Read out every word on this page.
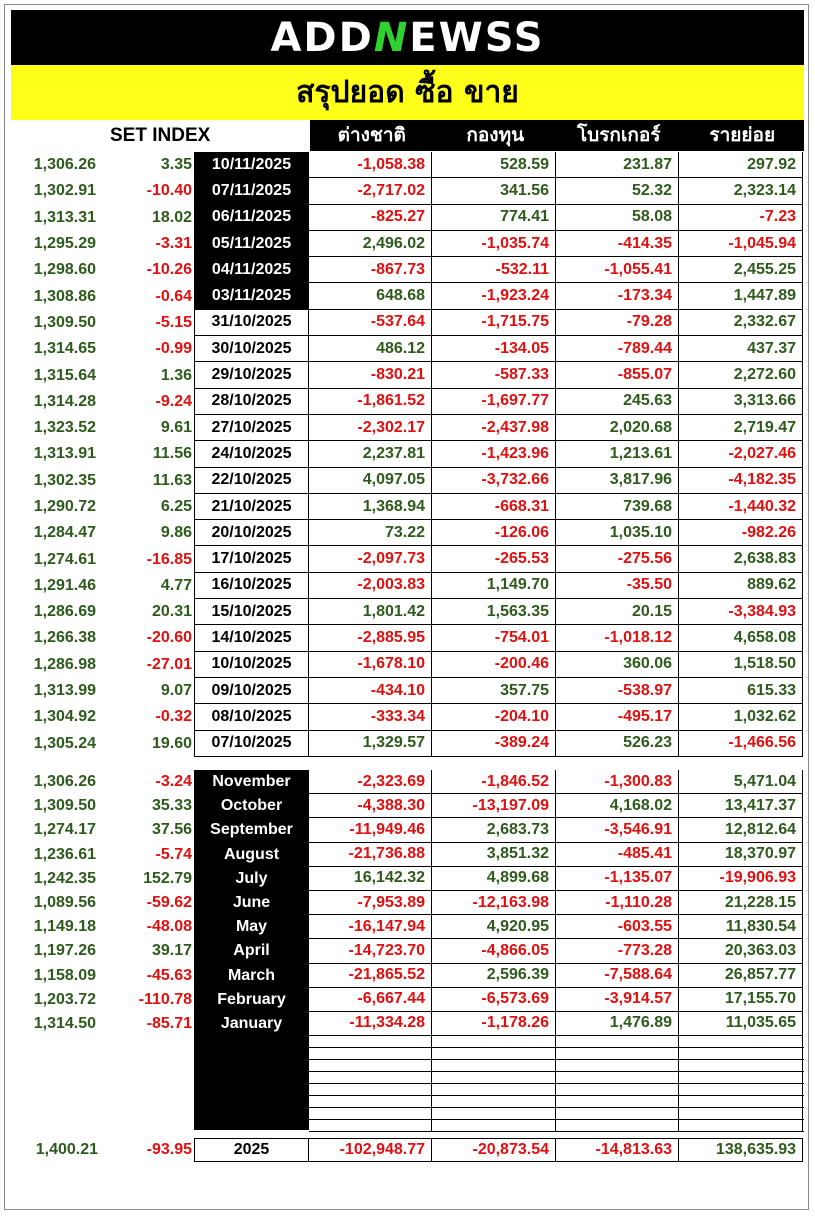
ADDNEWSS
สรุปยอด ซื้อ ขาย
SET INDEX	ต่างชาติ	กองทุน	โบรกเกอร์	รายย่อย
1,306.26	3.35	10/11/2025	-1,058.38	528.59	231.87	297.92
1,302.91	-10.40	07/11/2025	-2,717.02	341.56	52.32	2,323.14
1,313.31	18.02	06/11/2025	-825.27	774.41	58.08	-7.23
1,295.29	-3.31	05/11/2025	2,496.02	-1,035.74	-414.35	-1,045.94
1,298.60	-10.26	04/11/2025	-867.73	-532.11	-1,055.41	2,455.25
1,308.86	-0.64	03/11/2025	648.68	-1,923.24	-173.34	1,447.89
1,309.50	-5.15	31/10/2025	-537.64	-1,715.75	-79.28	2,332.67
1,314.65	-0.99	30/10/2025	486.12	-134.05	-789.44	437.37
1,315.64	1.36	29/10/2025	-830.21	-587.33	-855.07	2,272.60
1,314.28	-9.24	28/10/2025	-1,861.52	-1,697.77	245.63	3,313.66
1,323.52	9.61	27/10/2025	-2,302.17	-2,437.98	2,020.68	2,719.47
1,313.91	11.56	24/10/2025	2,237.81	-1,423.96	1,213.61	-2,027.46
1,302.35	11.63	22/10/2025	4,097.05	-3,732.66	3,817.96	-4,182.35
1,290.72	6.25	21/10/2025	1,368.94	-668.31	739.68	-1,440.32
1,284.47	9.86	20/10/2025	73.22	-126.06	1,035.10	-982.26
1,274.61	-16.85	17/10/2025	-2,097.73	-265.53	-275.56	2,638.83
1,291.46	4.77	16/10/2025	-2,003.83	1,149.70	-35.50	889.62
1,286.69	20.31	15/10/2025	1,801.42	1,563.35	20.15	-3,384.93
1,266.38	-20.60	14/10/2025	-2,885.95	-754.01	-1,018.12	4,658.08
1,286.98	-27.01	10/10/2025	-1,678.10	-200.46	360.06	1,518.50
1,313.99	9.07	09/10/2025	-434.10	357.75	-538.97	615.33
1,304.92	-0.32	08/10/2025	-333.34	-204.10	-495.17	1,032.62
1,305.24	19.60	07/10/2025	1,329.57	-389.24	526.23	-1,466.56
1,306.26	-3.24	November	-2,323.69	-1,846.52	-1,300.83	5,471.04
1,309.50	35.33	October	-4,388.30	-13,197.09	4,168.02	13,417.37
1,274.17	37.56	September	-11,949.46	2,683.73	-3,546.91	12,812.64
1,236.61	-5.74	August	-21,736.88	3,851.32	-485.41	18,370.97
1,242.35	152.79	July	16,142.32	4,899.68	-1,135.07	-19,906.93
1,089.56	-59.62	June	-7,953.89	-12,163.98	-1,110.28	21,228.15
1,149.18	-48.08	May	-16,147.94	4,920.95	-603.55	11,830.54
1,197.26	39.17	April	-14,723.70	-4,866.05	-773.28	20,363.03
1,158.09	-45.63	March	-21,865.52	2,596.39	-7,588.64	26,857.77
1,203.72	-110.78	February	-6,667.44	-6,573.69	-3,914.57	17,155.70
1,314.50	-85.71	January	-11,334.28	-1,178.26	1,476.89	11,035.65
1,400.21	-93.95	2025	-102,948.77	-20,873.54	-14,813.63	138,635.93
